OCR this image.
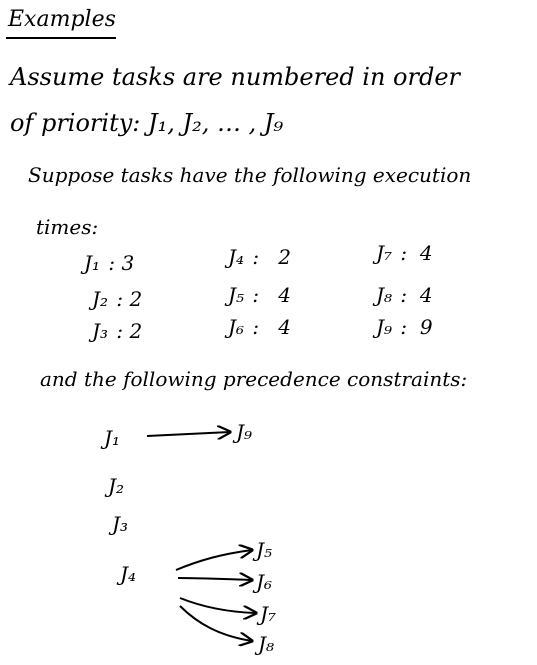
Examples
Assume tasks are numbered in order
of priority: J₁, J₂, … , J₉
Suppose tasks have the following execution
times:
J₁  : 3
J₂  : 2
J₃  : 2
J₄  :   2
J₅  :   4
J₆  :   4
J₇  :  4
J₈  :  4
J₉  :  9
and the following precedence constraints:
J₁	J₉
J₂
J₃
J₄
J₅
J₆
J₇
J₈
